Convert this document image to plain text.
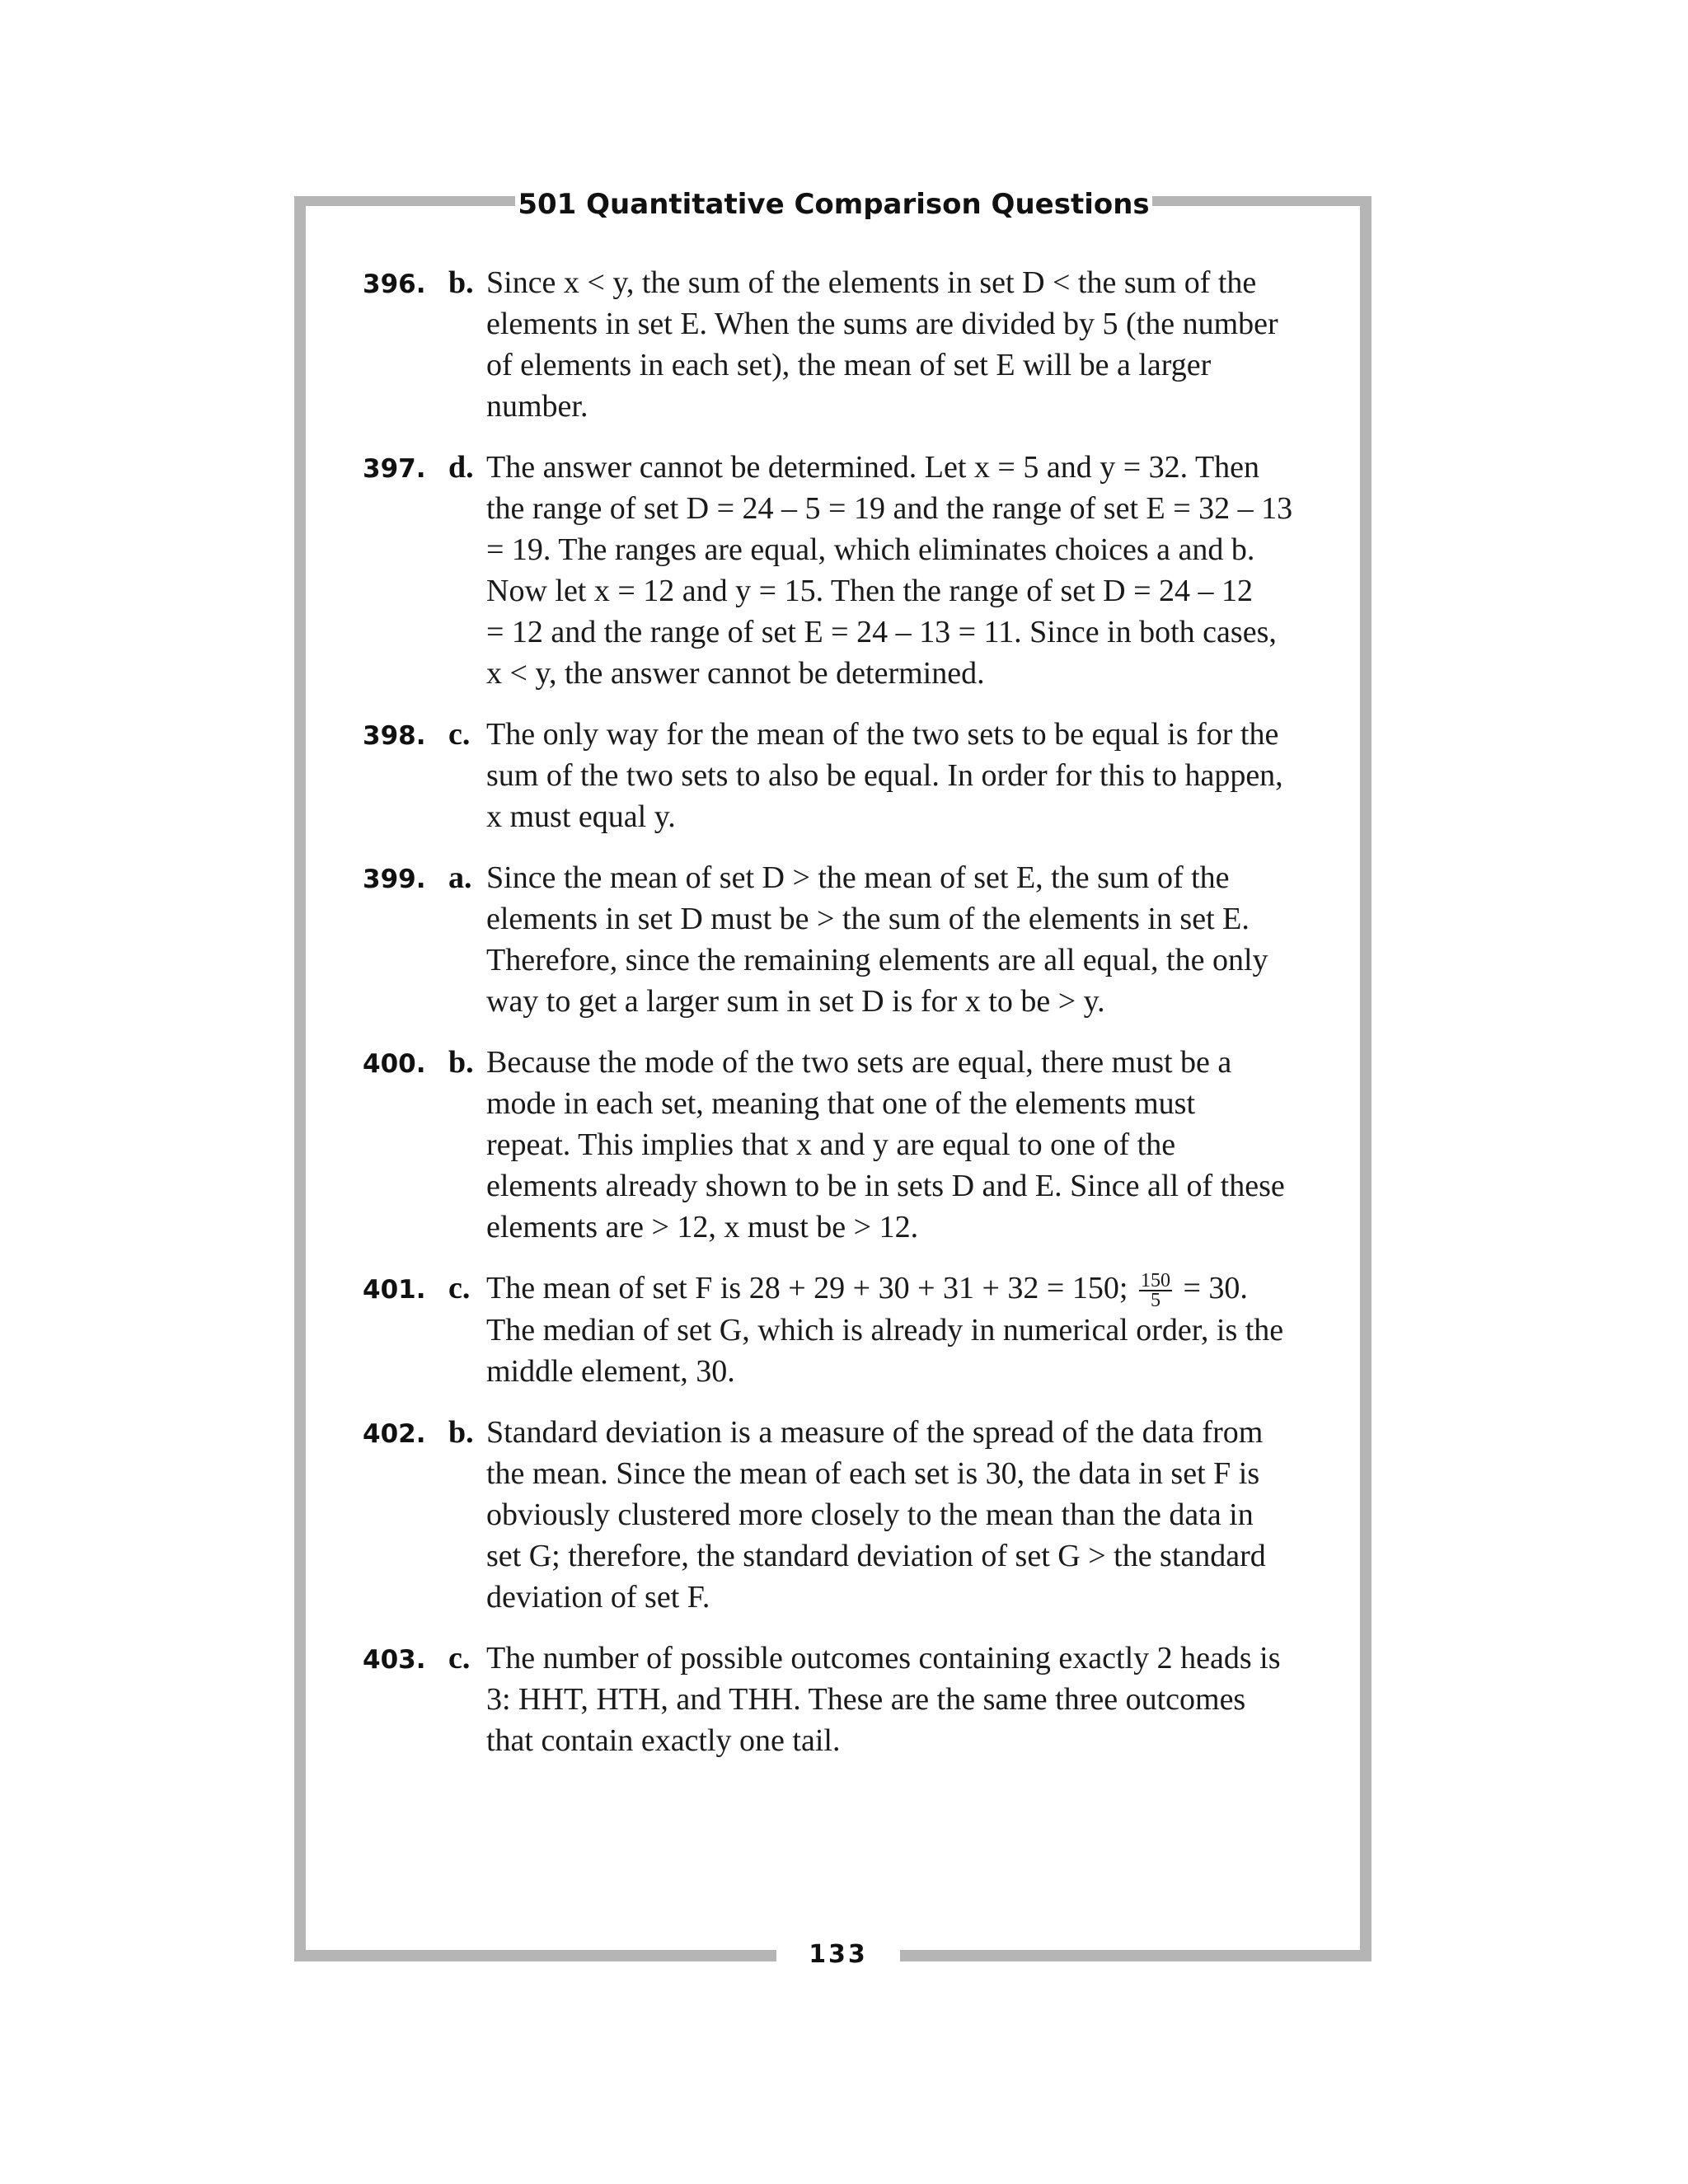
501 Quantitative Comparison Questions
133
396. b. Since x < y, the sum of the elements in set D < the sum of the
elements in set E. When the sums are divided by 5 (the number
of elements in each set), the mean of set E will be a larger
number.
397. d. The answer cannot be determined. Let x = 5 and y = 32. Then
the range of set D = 24 – 5 = 19 and the range of set E = 32 – 13
= 19. The ranges are equal, which eliminates choices a and b.
Now let x = 12 and y = 15. Then the range of set D = 24 – 12
= 12 and the range of set E = 24 – 13 = 11. Since in both cases,
x < y, the answer cannot be determined.
398. c. The only way for the mean of the two sets to be equal is for the
sum of the two sets to also be equal. In order for this to happen,
x must equal y.
399. a. Since the mean of set D > the mean of set E, the sum of the
elements in set D must be > the sum of the elements in set E.
Therefore, since the remaining elements are all equal, the only
way to get a larger sum in set D is for x to be > y.
400. b. Because the mode of the two sets are equal, there must be a
mode in each set, meaning that one of the elements must
repeat. This implies that x and y are equal to one of the
elements already shown to be in sets D and E. Since all of these
elements are > 12, x must be > 12.
401. c. The mean of set F is 28 + 29 + 30 + 31 + 32 = 150; $\frac{150}{5} = 30$.
The median of set G, which is already in numerical order, is the
middle element, 30.
402. b. Standard deviation is a measure of the spread of the data from
the mean. Since the mean of each set is 30, the data in set F is
obviously clustered more closely to the mean than the data in
set G; therefore, the standard deviation of set G > the standard
deviation of set F.
403. c. The number of possible outcomes containing exactly 2 heads is
3: HHT, HTH, and THH. These are the same three outcomes
that contain exactly one tail.
